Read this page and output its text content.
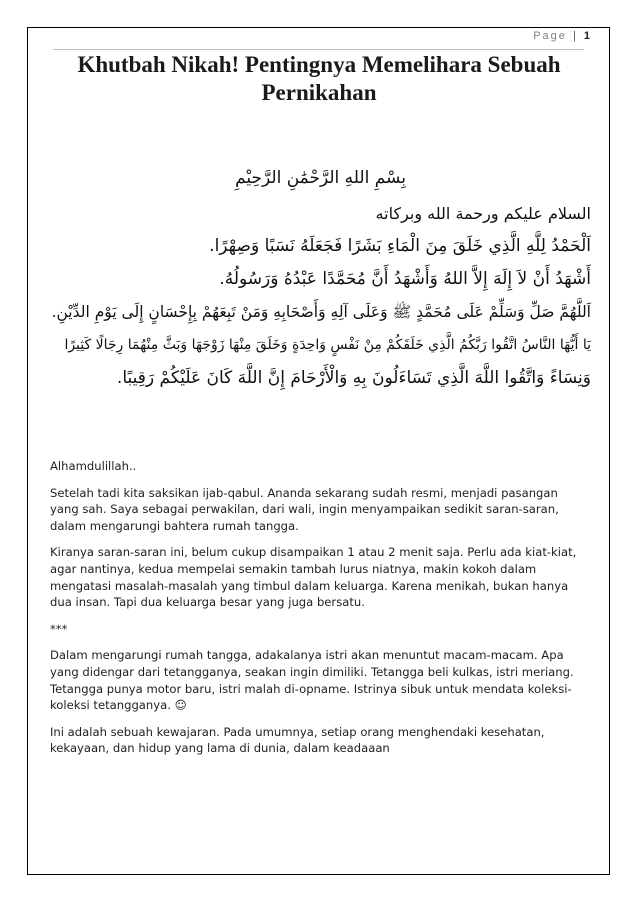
Page | 1
Khutbah Nikah! Pentingnya Memelihara Sebuah Pernikahan
بِسْمِ اللهِ الرَّحْمَٰنِ الرَّحِيْمِ
السلام عليكم ورحمة الله وبركاته
اَلْحَمْدُ لِلَّهِ الَّذِي خَلَقَ مِنَ الْمَاءِ بَشَرًا فَجَعَلَهُ نَسَبًا وَصِهْرًا.
أَشْهَدُ أَنْ لاَ إِلَهَ إِلاَّ اللهُ وَأَشْهَدُ أَنَّ مُحَمَّدًا عَبْدُهُ وَرَسُولُهُ.
اَللَّهُمَّ صَلِّ وَسَلِّمْ عَلَى مُحَمَّدٍ ﷺ وَعَلَى آلِهِ وَأَصْحَابِهِ وَمَنْ تَبِعَهُمْ بِإِحْسَانٍ إِلَى يَوْمِ الدِّيْنِ.
يَا أَيُّهَا النَّاسُ اتَّقُوا رَبَّكُمُ الَّذِي خَلَقَكُمْ مِنْ نَفْسٍ وَاحِدَةٍ وَخَلَقَ مِنْهَا زَوْجَهَا وَبَثَّ مِنْهُمَا رِجَالًا كَثِيرًا
وَنِسَاءً وَاتَّقُوا اللَّهَ الَّذِي تَسَاءَلُونَ بِهِ وَالْأَرْحَامَ إِنَّ اللَّهَ كَانَ عَلَيْكُمْ رَقِيبًا.

Alhamdulillah..

Setelah tadi kita saksikan ijab-qabul. Ananda sekarang sudah resmi, menjadi pasangan yang sah. Saya sebagai perwakilan, dari wali, ingin menyampaikan sedikit saran-saran, dalam mengarungi bahtera rumah tangga.

Kiranya saran-saran ini, belum cukup disampaikan 1 atau 2 menit saja. Perlu ada kiat-kiat, agar nantinya, kedua mempelai semakin tambah lurus niatnya, makin kokoh dalam mengatasi masalah-masalah yang timbul dalam keluarga. Karena menikah, bukan hanya dua insan. Tapi dua keluarga besar yang juga bersatu.

***

Dalam mengarungi rumah tangga, adakalanya istri akan menuntut macam-macam. Apa yang didengar dari tetangganya, seakan ingin dimiliki. Tetangga beli kulkas, istri meriang. Tetangga punya motor baru, istri malah di-opname. Istrinya sibuk untuk mendata koleksi-koleksi tetangganya. ☺

Ini adalah sebuah kewajaran. Pada umumnya, setiap orang menghendaki kesehatan, kekayaan, dan hidup yang lama di dunia, dalam keadaaan
